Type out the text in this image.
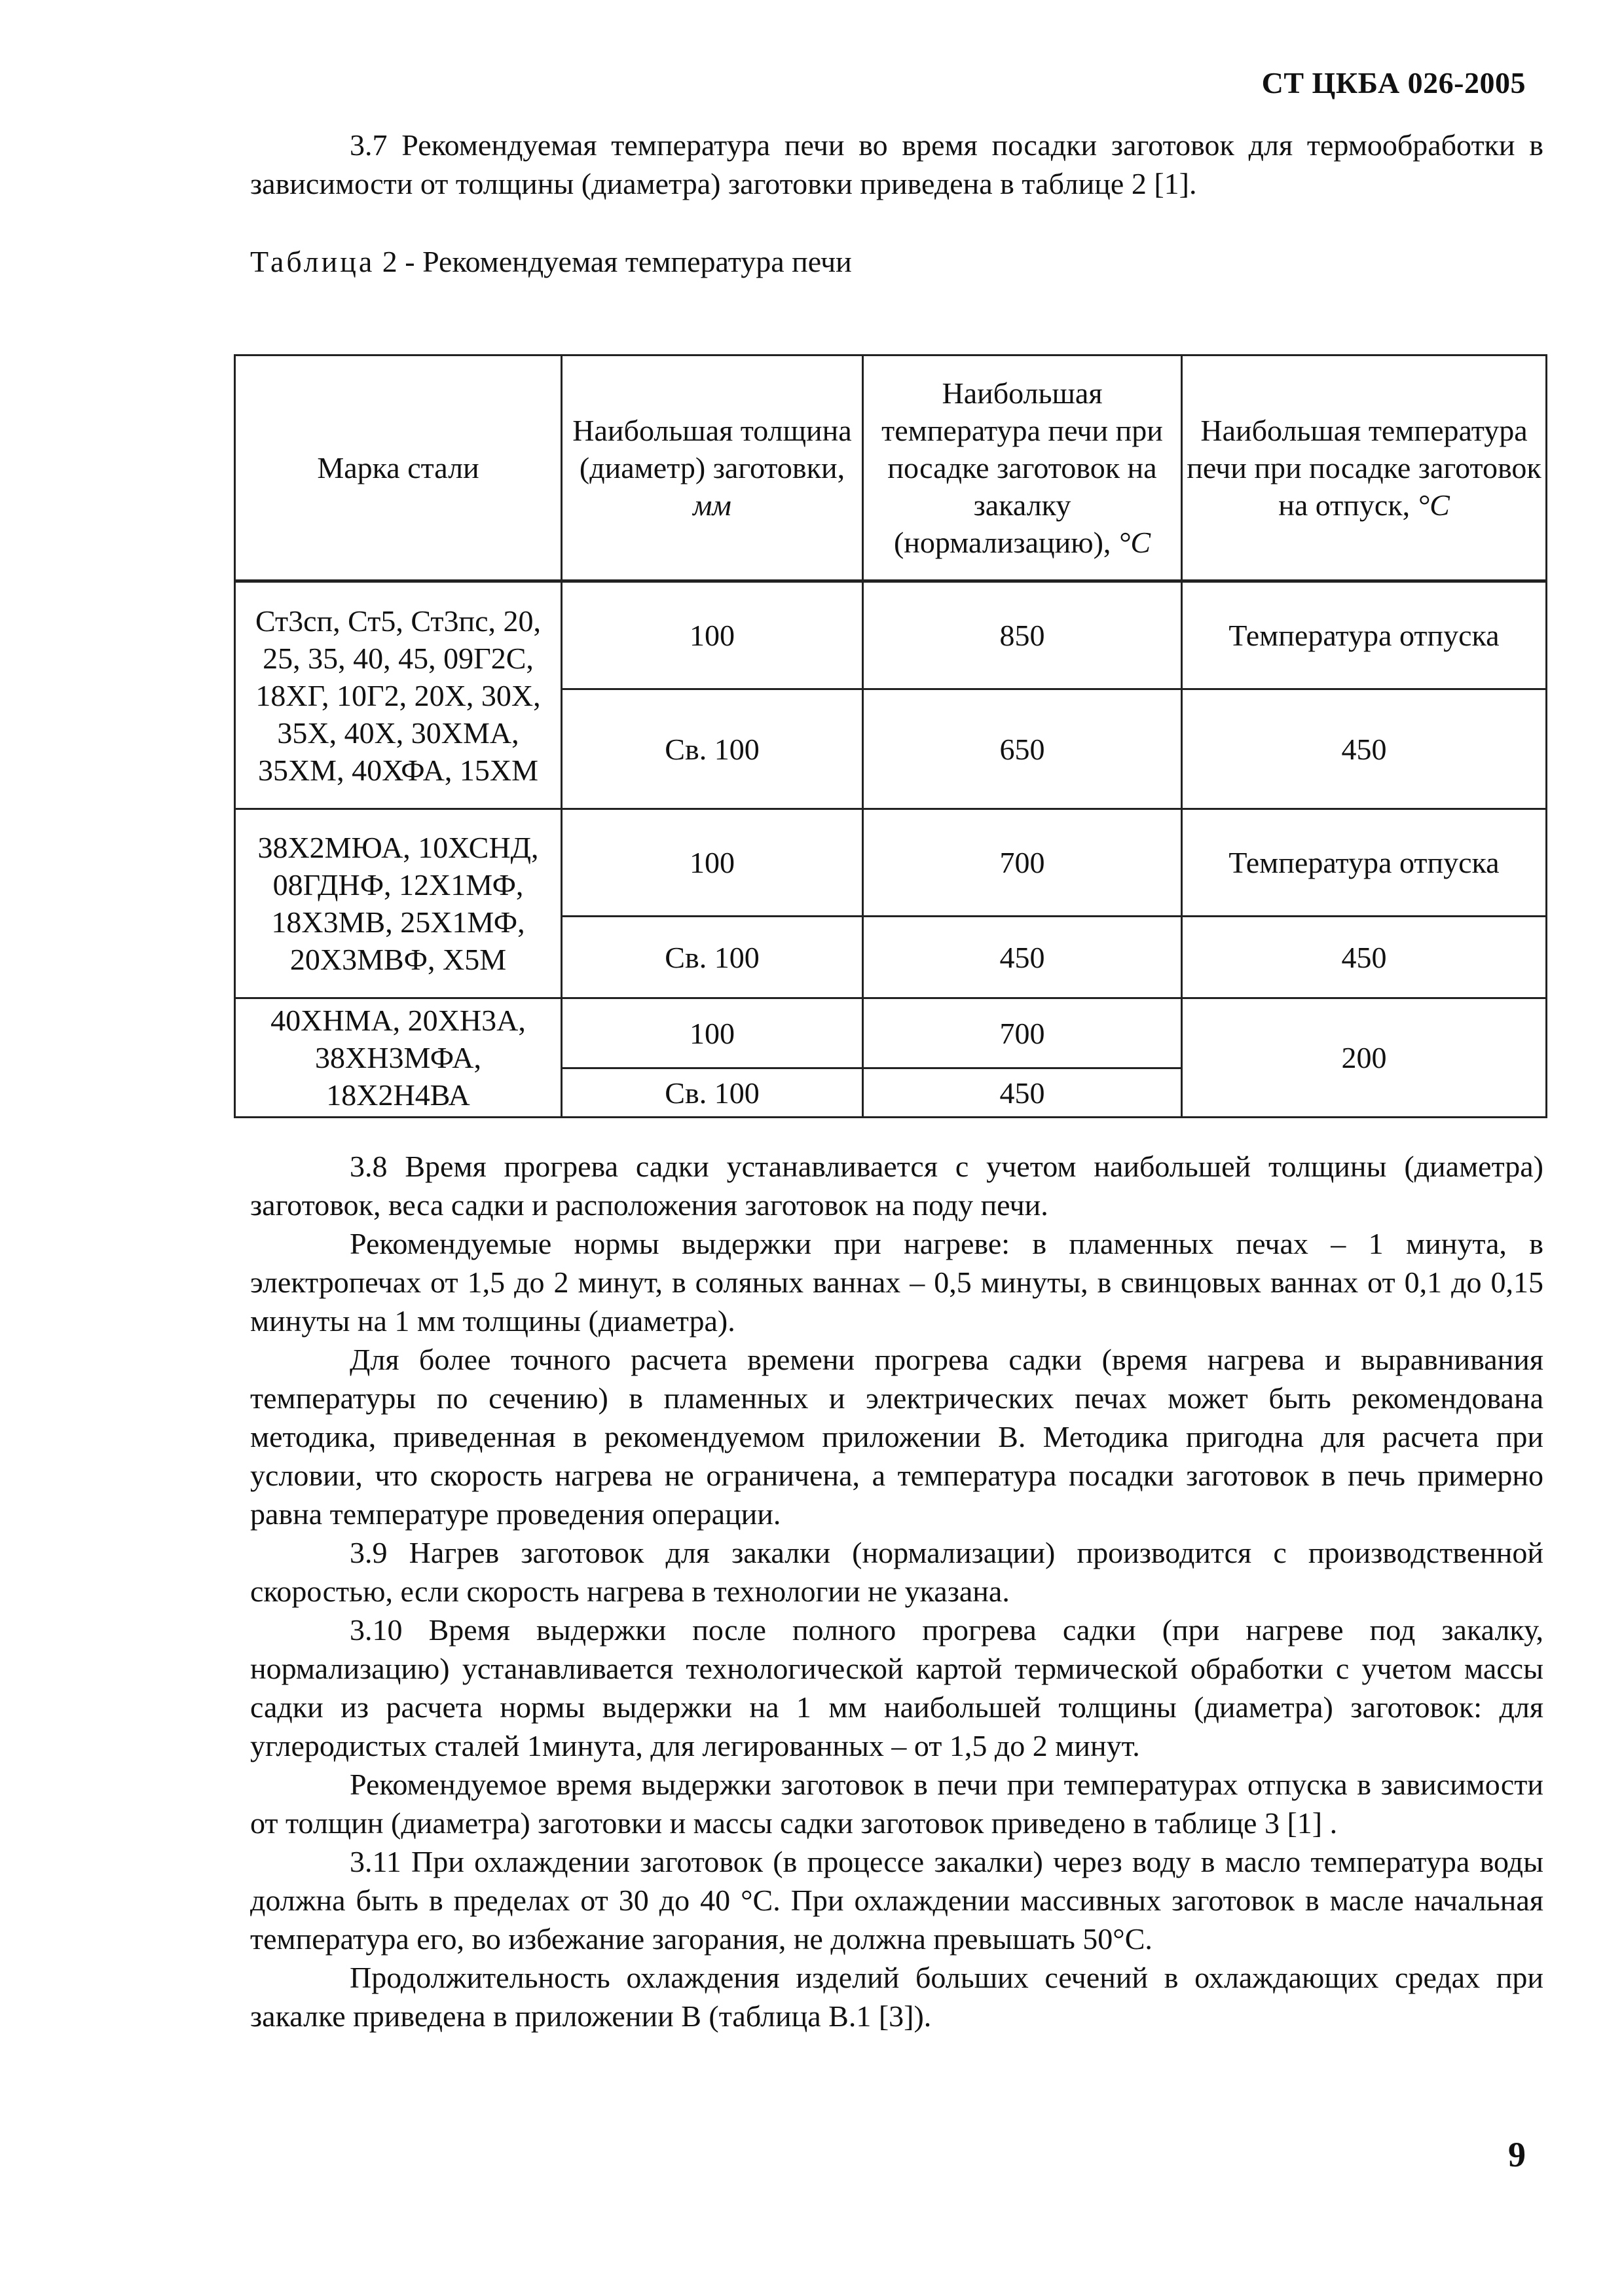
СТ ЦКБА 026-2005

3.7 Рекомендуемая температура печи во время посадки заготовок для термообработки в зависимости от толщины (диаметра) заготовки приведена в таблице 2 [1].

Таблица 2 - Рекомендуемая температура печи

Марка стали	Наибольшая толщина (диаметр) заготовки, мм	Наибольшая температура печи при посадке заготовок на закалку (нормализацию), °C	Наибольшая температура печи при посадке заготовок на отпуск, °C
Ст3сп, Ст5, Ст3пс, 20, 25, 35, 40, 45, 09Г2С, 18ХГ, 10Г2, 20Х, 30Х, 35Х, 40Х, 30ХМА, 35ХМ, 40ХФА, 15ХМ	100	850	Температура отпуска
	Св. 100	650	450
38Х2МЮА, 10ХСНД, 08ГДНФ, 12Х1МФ, 18Х3МВ, 25Х1МФ, 20Х3МВФ, Х5М	100	700	Температура отпуска
	Св. 100	450	450
40ХНМА, 20ХН3А, 38ХН3МФА, 18Х2Н4ВА	100	700	200
	Св. 100	450	

3.8 Время прогрева садки устанавливается с учетом наибольшей толщины (диаметра) заготовок, веса садки и расположения заготовок на поду печи.

Рекомендуемые нормы выдержки при нагреве: в пламенных печах – 1 минута, в электропечах от 1,5 до 2 минут, в соляных ваннах – 0,5 минуты, в свинцовых ваннах от 0,1 до 0,15 минуты на 1 мм толщины (диаметра).

Для более точного расчета времени прогрева садки (время нагрева и выравнивания температуры по сечению) в пламенных и электрических печах может быть рекомендована методика, приведенная в рекомендуемом приложении В. Методика пригодна для расчета при условии, что скорость нагрева не ограничена, а температура посадки заготовок в печь примерно равна температуре проведения операции.

3.9 Нагрев заготовок для закалки (нормализации) производится с производственной скоростью, если скорость нагрева в технологии не указана.

3.10 Время выдержки после полного прогрева садки (при нагреве под закалку, нормализацию) устанавливается технологической картой термической обработки с учетом массы садки из расчета нормы выдержки на 1 мм наибольшей толщины (диаметра) заготовок: для углеродистых сталей 1минута, для легированных – от 1,5 до 2 минут.

Рекомендуемое время выдержки заготовок в печи при температурах отпуска в зависимости от толщин (диаметра) заготовки и массы садки заготовок приведено в таблице 3 [1] .

3.11 При охлаждении заготовок (в процессе закалки) через воду в масло температура воды должна быть в пределах от 30 до 40 °С. При охлаждении массивных заготовок в масле начальная температура его, во избежание загорания, не должна превышать 50°С.

Продолжительность охлаждения изделий больших сечений в охлаждающих средах при закалке приведена в приложении В (таблица В.1 [3]).

9
